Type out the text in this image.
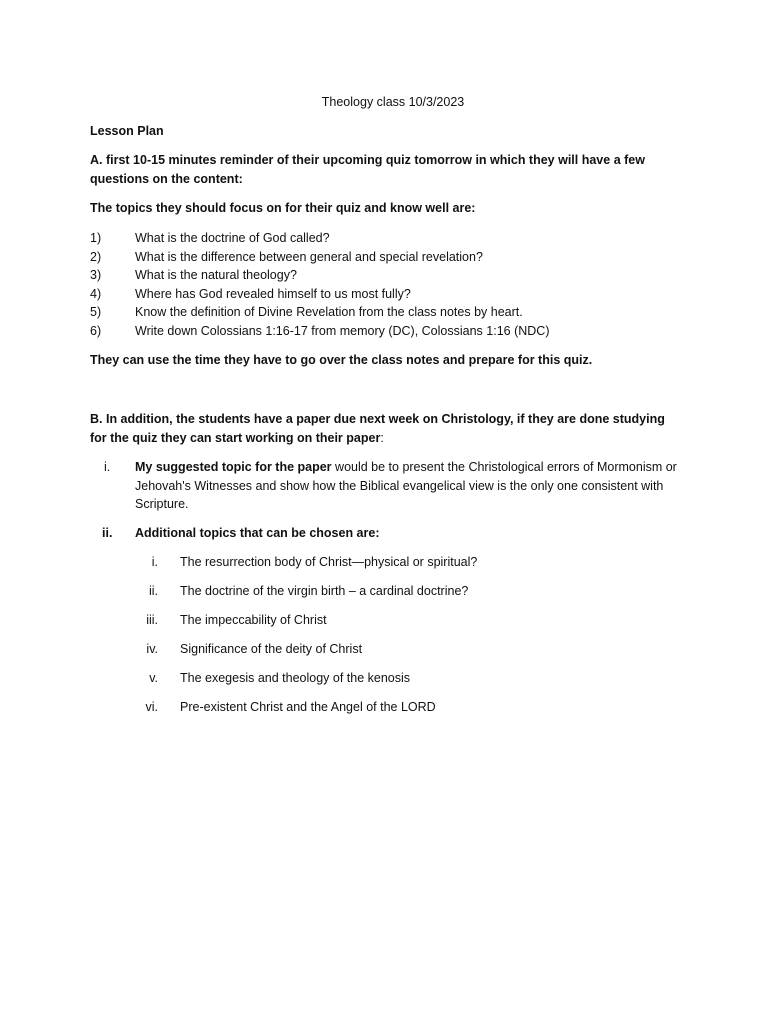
Theology class 10/3/2023
Lesson Plan
A. first 10-15 minutes reminder of their upcoming quiz tomorrow in which they will have a few questions on the content:
The topics they should focus on for their quiz and know well are:
1)	What is the doctrine of God called?
2)	What is the difference between general and special revelation?
3)	What is the natural theology?
4)	Where has God revealed himself to us most fully?
5)	Know the definition of Divine Revelation from the class notes by heart.
6)	Write down Colossians 1:16-17 from memory (DC), Colossians 1:16 (NDC)
They can use the time they have to go over the class notes and prepare for this quiz.
B. In addition, the students have a paper due next week on Christology, if they are done studying for the quiz they can start working on their paper:
i. My suggested topic for the paper would be to present the Christological errors of Mormonism or Jehovah's Witnesses and show how the Biblical evangelical view is the only one consistent with Scripture.
ii. Additional topics that can be chosen are:
i. The resurrection body of Christ—physical or spiritual?
ii. The doctrine of the virgin birth – a cardinal doctrine?
iii. The impeccability of Christ
iv. Significance of the deity of Christ
v. The exegesis and theology of the kenosis
vi. Pre-existent Christ and the Angel of the LORD
